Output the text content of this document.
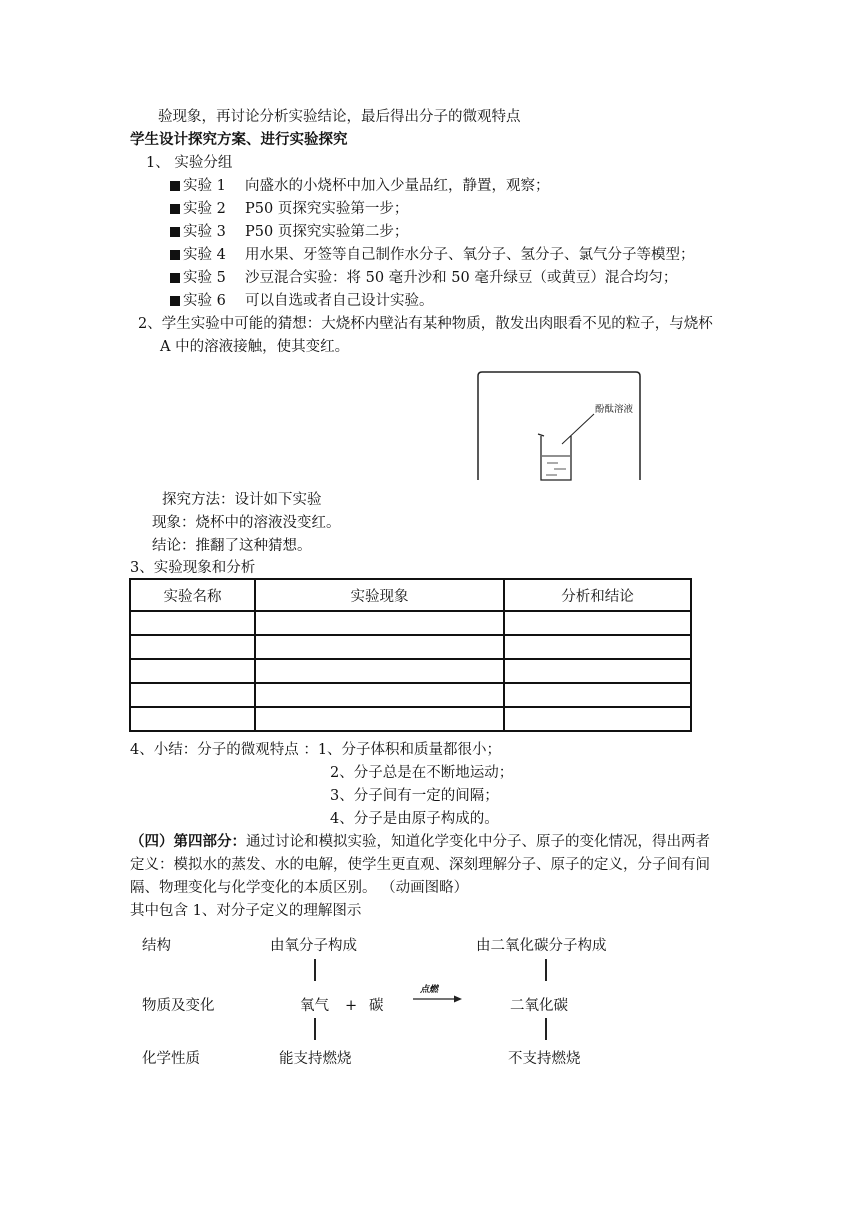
验现象，再讨论分析实验结论，最后得出分子的微观特点
学生设计探究方案、进行实验探究
1、 实验分组
实验 1 向盛水的小烧杯中加入少量品红，静置，观察；
实验 2 P50 页探究实验第一步；
实验 3 P50 页探究实验第二步；
实验 4 用水果、牙签等自己制作水分子、氧分子、氢分子、氯气分子等模型；
实验 5 沙豆混合实验：将 50 毫升沙和 50 毫升绿豆（或黄豆）混合均匀；
实验 6 可以自选或者自己设计实验。
2、学生实验中可能的猜想：大烧杯内壁沾有某种物质，散发出肉眼看不见的粒子，与烧杯
A 中的溶液接触，使其变红。
酚酞溶液
探究方法：设计如下实验
现象：烧杯中的溶液没变红。
结论：推翻了这种猜想。
3、实验现象和分析
实验名称	实验现象	分析和结论

4、小结：分子的微观特点 ：1、分子体积和质量都很小；
2、分子总是在不断地运动；
3、分子间有一定的间隔；
4、分子是由原子构成的。
（四）第四部分：通过讨论和模拟实验，知道化学变化中分子、原子的变化情况，得出两者
定义：模拟水的蒸发、水的电解，使学生更直观、深刻理解分子、原子的定义，分子间有间
隔、物理变化与化学变化的本质区别。 （动画图略）
其中包含 1、对分子定义的理解图示
结构
物质及变化
化学性质
由氧分子构成
氧气 + 碳
能支持燃烧
点燃
由二氧化碳分子构成
二氧化碳
不支持燃烧
